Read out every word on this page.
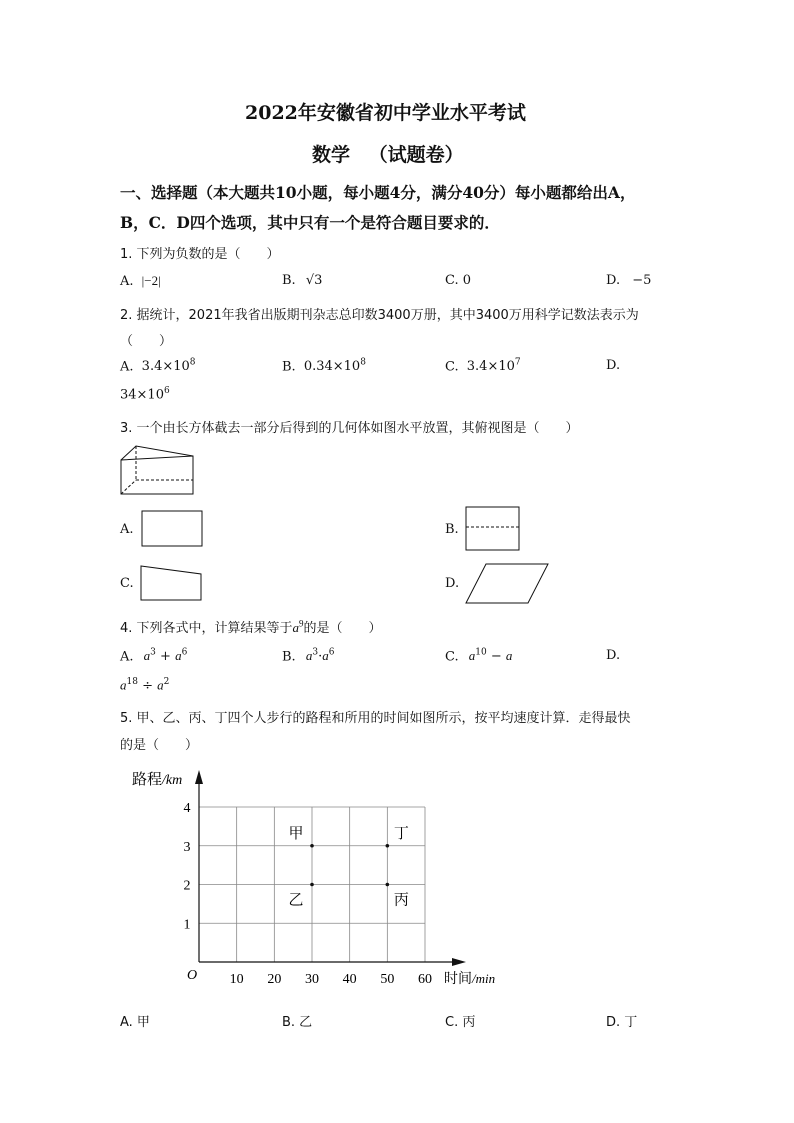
2022年安徽省初中学业水平考试
数学 （试题卷）
一、选择题（本大题共10小题，每小题4分，满分40分）每小题都给出A，
B，C．D四个选项，其中只有一个是符合题目要求的．
1. 下列为负数的是（　　）
A. |−2|	B. √3	C. 0	D. −5
2. 据统计，2021年我省出版期刊杂志总印数3400万册，其中3400万用科学记数法表示为
（　　）
A. $3.4\times 10^8$	B. $0.34\times 10^8$	C. $3.4\times 10^7$	D.
$34\times 10^6$
3. 一个由长方体截去一部分后得到的几何体如图水平放置，其俯视图是（　　）
A.	B.
C.	D.
4. 下列各式中，计算结果等于$a^9$的是（　　）
A. $a^3 + a^6$	B. $a^3\cdot a^6$	C. $a^{10} - a$	D.
$a^{18} \div a^2$
5. 甲、乙、丙、丁四个人步行的路程和所用的时间如图所示，按平均速度计算．走得最快
的是（　　）
10 20 30 40 50 60
1
2
3
4
甲
乙	丙
丁
路程/km
时间/min
O
A. 甲	B. 乙	C. 丙	D. 丁
